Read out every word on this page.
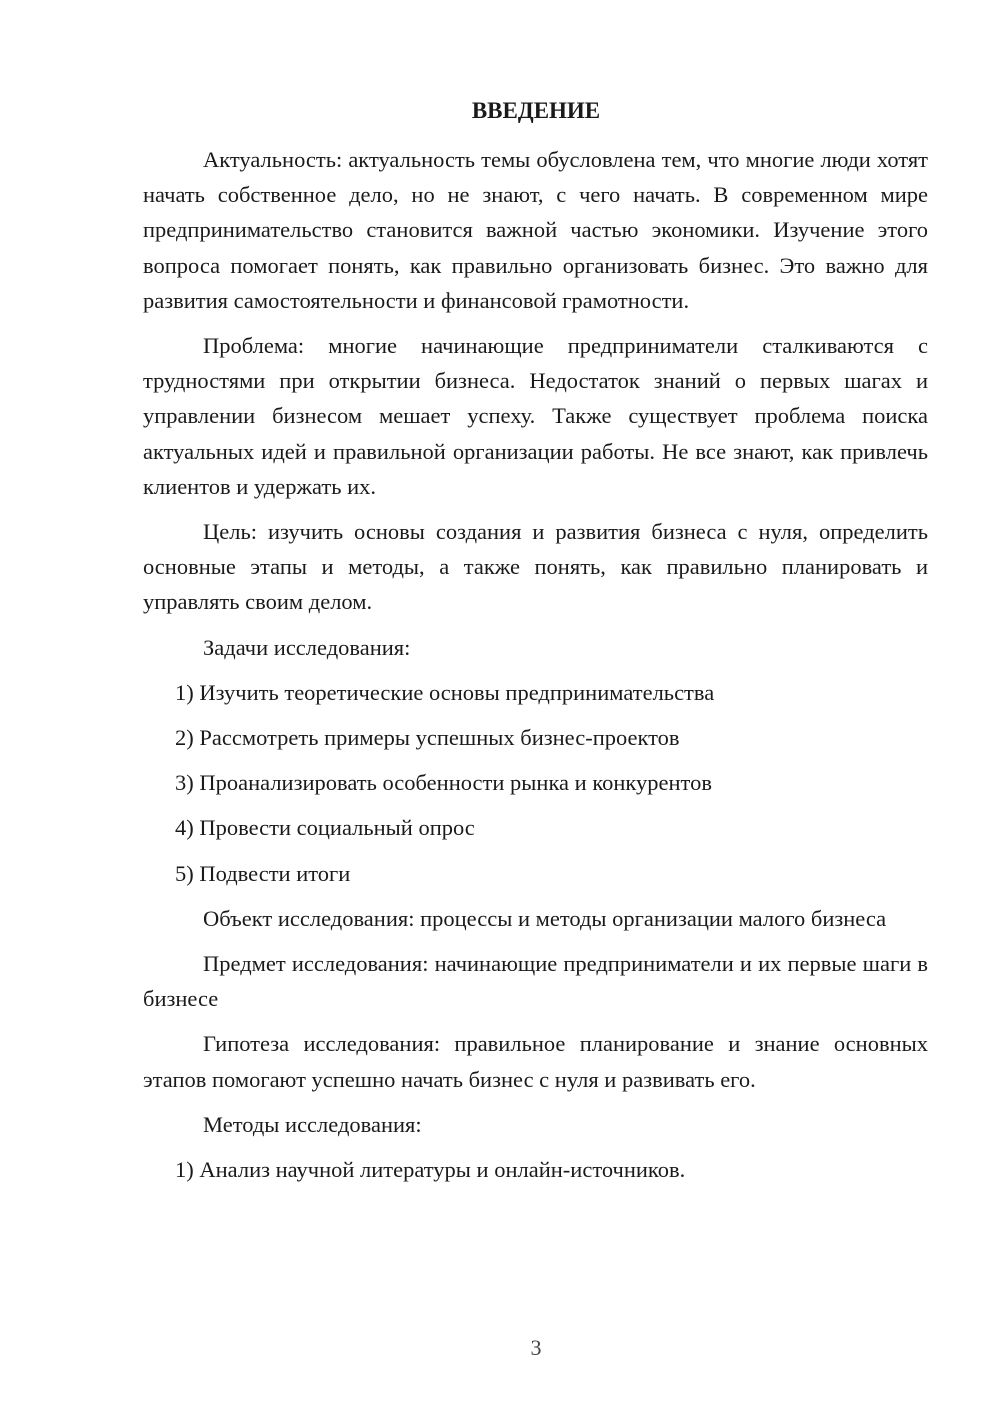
ВВЕДЕНИЕ

Актуальность: актуальность темы обусловлена тем, что многие люди хотят начать собственное дело, но не знают, с чего начать. В современном мире предпринимательство становится важной частью экономики. Изучение этого вопроса помогает понять, как правильно организовать бизнес. Это важно для развития самостоятельности и финансовой грамотности.

Проблема: многие начинающие предприниматели сталкиваются с трудностями при открытии бизнеса. Недостаток знаний о первых шагах и управлении бизнесом мешает успеху. Также существует проблема поиска актуальных идей и правильной организации работы. Не все знают, как привлечь клиентов и удержать их.

Цель: изучить основы создания и развития бизнеса с нуля, определить основные этапы и методы, а также понять, как правильно планировать и управлять своим делом.

Задачи исследования:

1) Изучить теоретические основы предпринимательства
2) Рассмотреть примеры успешных бизнес-проектов
3) Проанализировать особенности рынка и конкурентов
4) Провести социальный опрос
5) Подвести итоги

Объект исследования: процессы и методы организации малого бизнеса

Предмет исследования: начинающие предприниматели и их первые шаги в бизнесе

Гипотеза исследования: правильное планирование и знание основных этапов помогают успешно начать бизнес с нуля и развивать его.

Методы исследования:

1) Анализ научной литературы и онлайн-источников.
3
